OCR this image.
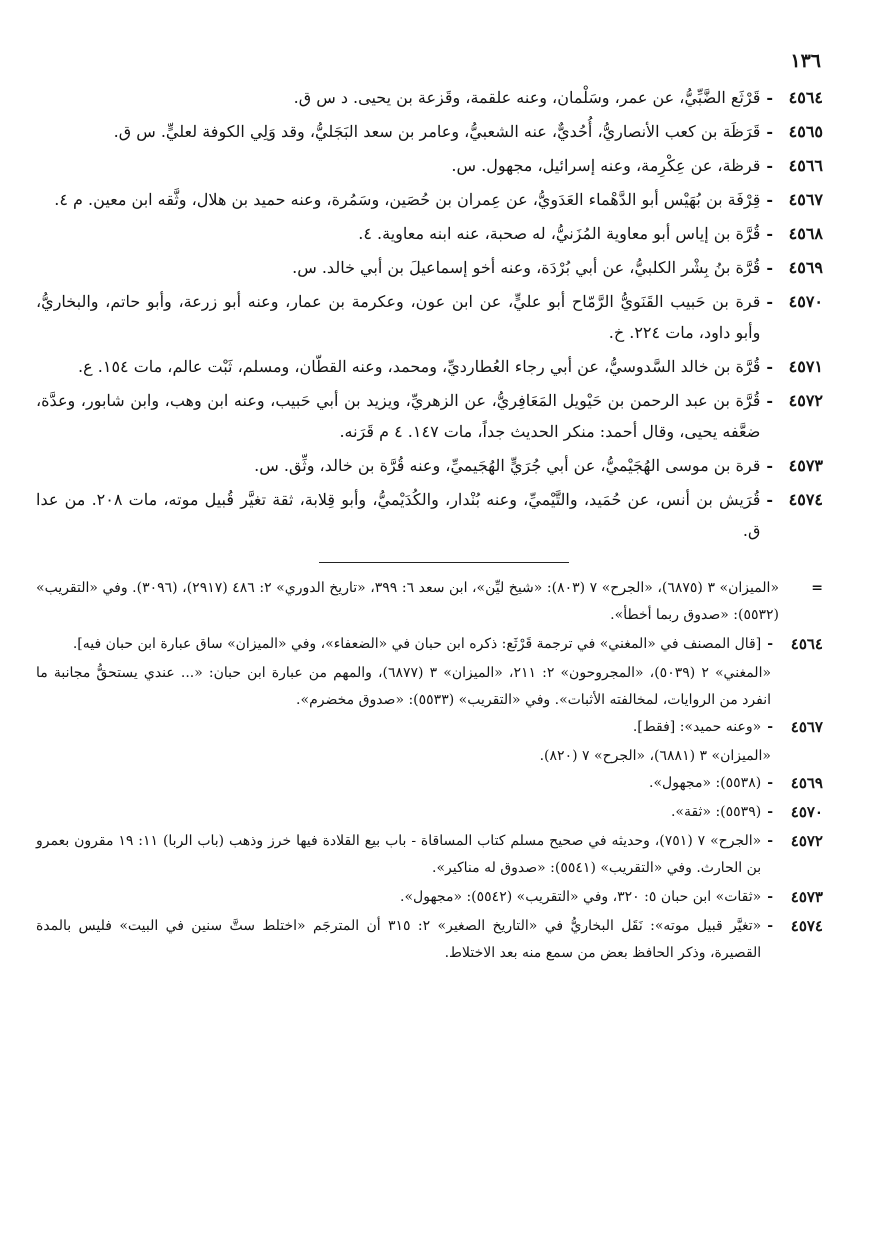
١٣٦
٤٥٦٤
-
قَرْثَع الضَّبِّيُّ، عن عمر، وسَلْمان، وعنه علقمة، وقَزعة بن يحيى. د س ق.
٤٥٦٥
-
قَرَظَة بن كعب الأنصاريُّ، أُحُديٌّ، عنه الشعبيُّ، وعامر بن سعد البَجَليُّ، وقد وَلِي الكوفة لعليٍّ. س ق.
٤٥٦٦
-
قرظة، عن عِكْرِمة، وعنه إسرائيل، مجهول. س.
٤٥٦٧
-
قِرْفَة بن بُهَيْس أبو الدَّهْماء العَدَويُّ، عن عِمران بن حُصَين، وسَمُرة، وعنه حميد بن هلال، وثَّقه ابن معين. م ٤.
٤٥٦٨
-
قُرَّة بن إياس أبو معاوية المُزَنيُّ، له صحبة، عنه ابنه معاوية. ٤.
٤٥٦٩
-
قُرَّة بنُ بِشْر الكلبيُّ، عن أبي بُرْدَة، وعنه أخو إسماعيلَ بن أبي خالد. س.
٤٥٧٠
-
قرة بن حَبيب القَنَويُّ الرَّمّاح أبو عليٍّ، عن ابن عون، وعكرمة بن عمار، وعنه أبو زرعة، وأبو حاتم، والبخاريُّ، وأبو داود، مات ٢٢٤. خ.
٤٥٧١
-
قُرَّة بن خالد السَّدوسيُّ، عن أبي رجاء العُطارديِّ، ومحمد، وعنه القطّان، ومسلم، ثَبْت عالم، مات ١٥٤. ع.
٤٥٧٢
-
قُرَّة بن عبد الرحمن بن حَيْويل المَعَافِريُّ، عن الزهريِّ، ويزيد بن أبي حَبيب، وعنه ابن وهب، وابن شابور، وعدَّة، ضعَّفه يحيى، وقال أحمد: منكر الحديث جداً، مات ١٤٧. ٤ م قَرَنه.
٤٥٧٣
-
قرة بن موسى الهُجَيْميُّ، عن أبي جُرَيٍّ الهُجَيميِّ، وعنه قُرَّة بن خالد، وثِّق. س.
٤٥٧٤
-
قُرَيش بن أنس، عن حُمَيد، والتَّيْميِّ، وعنه بُنْدار، والكُدَيْميُّ، وأبو قِلابة، ثقة تغيَّر قُبيل موته، مات ٢٠٨. من عدا ق.
=
«الميزان» ٣ (٦٨٧٥)، «الجرح» ٧ (٨٠٣): «شيخ ليِّن»، ابن سعد ٦: ٣٩٩، «تاريخ الدوري» ٢: ٤٨٦ (٢٩١٧)، (٣٠٩٦). وفي «التقريب» (٥٥٣٢): «صدوق ربما أخطأ».
٤٥٦٤
-
[قال المصنف في «المغني» في ترجمة قَرْثَع: ذكره ابن حبان في «الضعفاء»، وفي «الميزان» ساق عبارة ابن حبان فيه].
«المغني» ٢ (٥٠٣٩)، «المجروحون» ٢: ٢١١، «الميزان» ٣ (٦٨٧٧)، والمهم من عبارة ابن حبان: «... عندي يستحقُّ مجانبة ما انفرد من الروايات، لمخالفته الأثبات». وفي «التقريب» (٥٥٣٣): «صدوق مخضرم».
٤٥٦٧
-
«وعنه حميد»: [فقط].
«الميزان» ٣ (٦٨٨١)، «الجرح» ٧ (٨٢٠).
٤٥٦٩
-
(٥٥٣٨): «مجهول».
٤٥٧٠
-
(٥٥٣٩): «ثقة».
٤٥٧٢
-
«الجرح» ٧ (٧٥١)، وحديثه في صحيح مسلم كتاب المساقاة - باب بيع القلادة فيها خرز وذهب (باب الربا) ١١: ١٩ مقرون بعمرو بن الحارث. وفي «التقريب» (٥٥٤١): «صدوق له مناكير».
٤٥٧٣
-
«ثقات» ابن حبان ٥: ٣٢٠، وفي «التقريب» (٥٥٤٢): «مجهول».
٤٥٧٤
-
«تغيَّر قبيل موته»: نَقَل البخاريُّ في «التاريخ الصغير» ٢: ٣١٥ أن المترجَم «اختلط ستَّ سنين في البيت» فليس بالمدة القصيرة، وذكر الحافظ بعض من سمع منه بعد الاختلاط.
